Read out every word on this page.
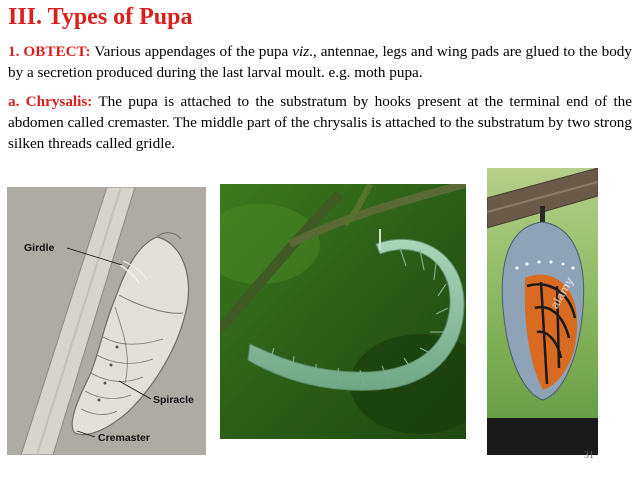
III. Types of Pupa

1. OBTECT: Various appendages of the pupa viz., antennae, legs and wing pads are glued to the body by a secretion produced during the last larval moult. e.g. moth pupa.

a. Chrysalis: The pupa is attached to the substratum by hooks present at the terminal end of the abdomen called cremaster. The middle part of the chrysalis is attached to the substratum by two strong silken threads called gridle.

Girdle
Spiracle
Cremaster
alamy
31
